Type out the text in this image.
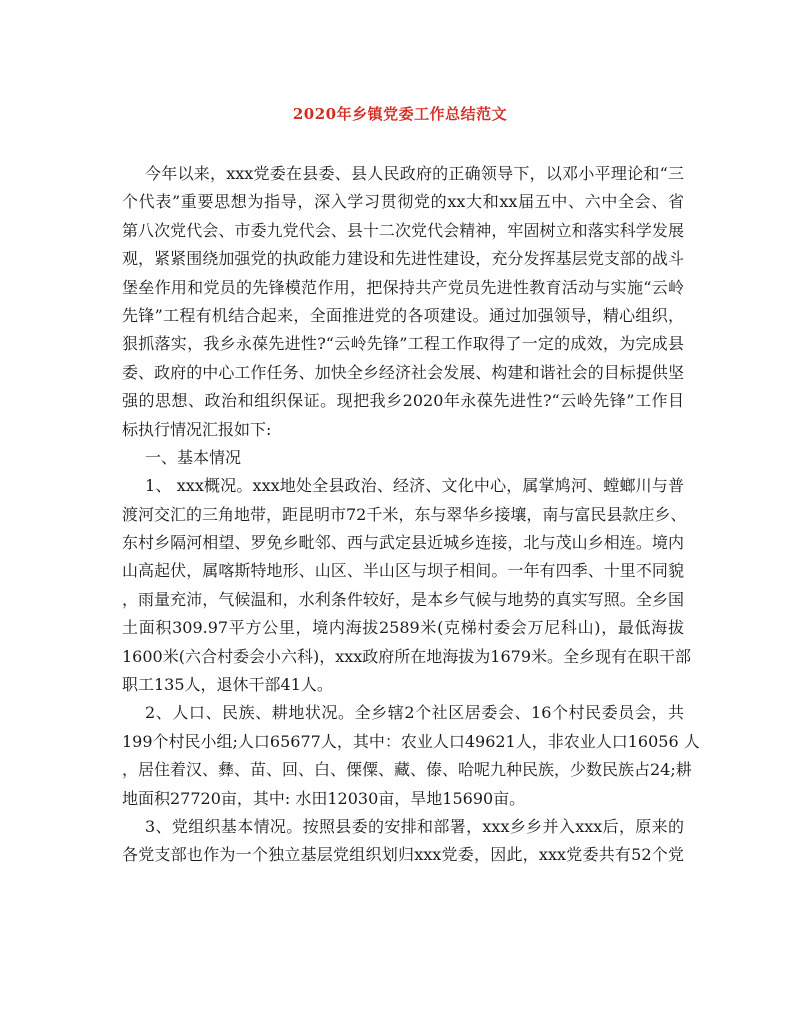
2020年乡镇党委工作总结范文
今年以来，xxx党委在县委、县人民政府的正确领导下，以邓小平理论和“三
个代表”重要思想为指导，深入学习贯彻党的xx大和xx届五中、六中全会、省
第八次党代会、市委九党代会、县十二次党代会精神，牢固树立和落实科学发展
观，紧紧围绕加强党的执政能力建设和先进性建设，充分发挥基层党支部的战斗
堡垒作用和党员的先锋模范作用，把保持共产党员先进性教育活动与实施“云岭
先锋”工程有机结合起来，全面推进党的各项建设。通过加强领导，精心组织，
狠抓落实，我乡永葆先进性?“云岭先锋”工程工作取得了一定的成效，为完成县
委、政府的中心工作任务、加快全乡经济社会发展、构建和谐社会的目标提供坚
强的思想、政治和组织保证。现把我乡2020年永葆先进性?“云岭先锋”工作目
标执行情况汇报如下:
一、基本情况
1、 xxx概况。xxx地处全县政治、经济、文化中心，属掌鸠河、螳螂川与普
渡河交汇的三角地带，距昆明市72千米，东与翠华乡接壤，南与富民县款庄乡、
东村乡隔河相望、罗免乡毗邻、西与武定县近城乡连接，北与茂山乡相连。境内
山高起伏，属喀斯特地形、山区、半山区与坝子相间。一年有四季、十里不同貌
，雨量充沛，气候温和，水利条件较好，是本乡气候与地势的真实写照。全乡国
土面积309.97平方公里，境内海拔2589米(克梯村委会万尼科山)，最低海拔
1600米(六合村委会小六科)，xxx政府所在地海拔为1679米。全乡现有在职干部
职工135人，退休干部41人。
2、人口、民族、耕地状况。全乡辖2个社区居委会、16个村民委员会，共
199个村民小组;人口65677人，其中：农业人口49621人，非农业人口16056 人
，居住着汉、彝、苗、回、白、傈僳、藏、傣、哈呢九种民族，少数民族占24;耕
地面积27720亩，其中: 水田12030亩，旱地15690亩。
3、党组织基本情况。按照县委的安排和部署，xxx乡乡并入xxx后，原来的
各党支部也作为一个独立基层党组织划归xxx党委，因此，xxx党委共有52个党
